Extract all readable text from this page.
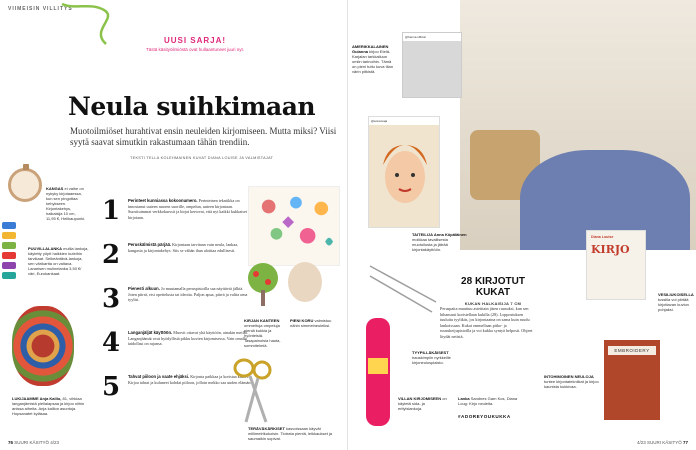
VIIMEISIN VILLITYS
UUSI SARJA!
Tästä käsityöilmiöstä ovat hullaantuneet juuri nyt.
Neula suihkimaan
Muotoilmiöset hurahtivat ensin neuleiden kirjomiseen. Mutta miksi? Viisi syytä saavat simutkin rakastumaan tähän trendiin.
TEKSTI TELLA KOLEHMAINEN KUVAT DIANA LOUISE JA VALMISTAJAT
KANGAS ei vaihe on nykyky kirjotaaessa, kun sen pingottaa kehykseen. Kirjontakehys, halkaisija 10 cm, 11,95 €, Helikaupunki.
PUUVILLALANKA muilla lankoja, käytetty yöpit halkkien kuteihin tarvikaat. Selkeäntävä-lankoja, sen värikartta on valtava. Lanarisen mulinelanka 3,50 €/ väri, Eurokankaat.
LUKIJAAMME Anja Kallio, 81, vihkiaa langanjämistä pieilalapsaa ja kirjoo niihin anissa aiheita. Anja kallion asuntoja. Hopsanatet kyläsaa.
1 Perinteet kunniassa kokoonumero. Perinteinen tekniikka on innostanut uuteen nuoren suorille, ompelun, uuteen kirjontaan. Suosituimmat verkkokurssit ja kirjat kertovat, että nyt kaikki kukkaiset kirjotaan.
2 Peruskälmistä pärjää. Kirjontaan tarvitaan vain neula, lankaa, kangasta ja kirjontakehys. Siis se vähän ihan aloittaa edullisesti.
3 Pienesti alkuun. Jo muutamalla peruspistoilla saa näyttäviä jälkiä. Joten piirrä, etsi opettelusta tai ideoita. Paljon apua, piirrä ja valita oma tyylisi.
4 Langanjäljät käyttöön. Muovit ottavat yhä käyttöön, ainakin meillä. Langanjäämät ovat hyödyllisiä pikku kuvien kirjomisessa. Vain omalla taidollasi on rajansa.
5 Tahvat piiloon ja vaate ehjäksi. Kirjonta paikkaa ja koristaa kuteet. Kirjoa tahrat ja kuluneet kohdat piiloon, jolloin mekko saa uuden elämän.
KIRJAN KANTEEN ommeltuja ompeluja pieniä kukkia ja hyönteisiä. Tasapainoisia hauta, sommitelmiä.
PIENI KORU valmistuu nähin simmelneuleiksi.
TERÄVÄKÄRKISET kasvoissaan käyvät millimetrikokoisin. Tiotrata pientä, leikkaukset ja saumaikin sopivat.
76 SUURI KÄSITYÖ 4/23
AMERIKKALAINEN Gulanna kirjoo Etelä-Karjalan tarkkailuun omiin tarinoihin. Tämä on pieni tuttu kuva tilan värin pitkistä.
@hanna.official
@annamaja
TAITEILIJA Anna Köpäläinen moikkaa tavallisesta muotoilusta ja jäträä kirjontakäyttöön.
TYYPILLÄKÄISEST hauskimpiin nyrkkeille kirjoneulospiaisto.
VILLAN KIRJOMISEEN on käytetä sida- ja erityislankoja.
28 KIRJOTUT KUKAT
KUKAN HALKAISIJA 7 CM
Peruspaita muuttuu asteittain jäsen ruusuksi, kun sen hihansuut koristellaan kukilla (28). Loppostuksen tuuluitu tyylikäs, jos kirjontaaina on sama kuin ruudu lankoissaan. Kukat ommellaan pitko- ja ruusuketjupistoilla ja voi kukka syntyä helposti. Ohjeet löydät netistä.
Lanka Sandnes Garn Kos, Diana Loug: Kirjo neuleita.
#ADOREYOUKUKKA
Diana Louise
KIRJO
VESILIUKOISELLA tussilla voi piirtää kirjottavan kuvion pohjaksi.
EMBROIDERY
INTOHIMOINEN NEULOJA tuntee kirjontatekniikat ja kirjoo kaunista kukkivaa.
4/23 SUURI KÄSITYÖ 77
